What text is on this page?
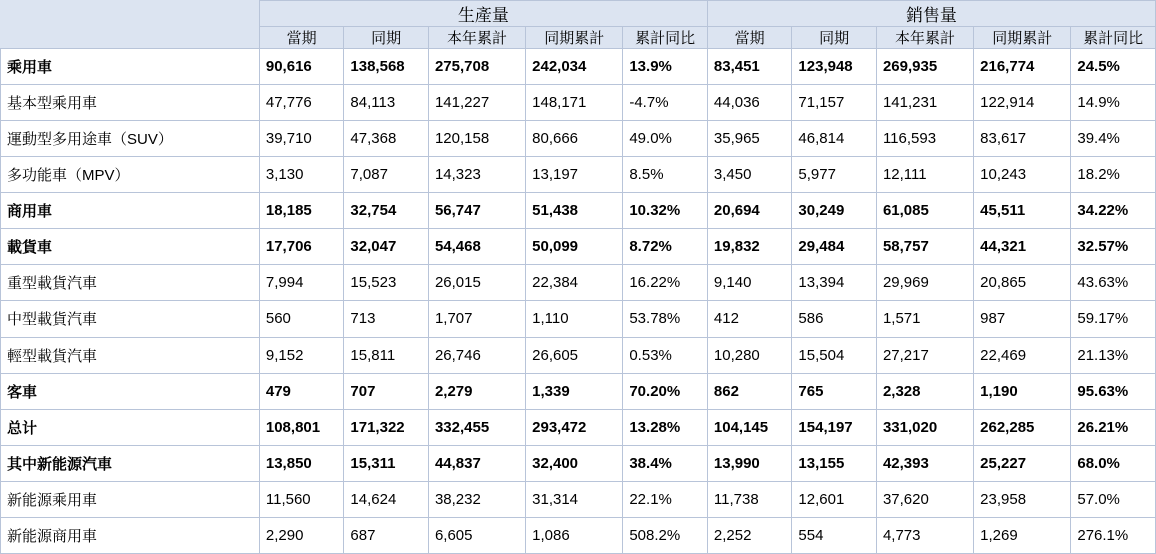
	生產量					銷售量				
	當期	同期	本年累計	同期累計	累計同比	當期	同期	本年累計	同期累計	累計同比
乘用車	90,616	138,568	275,708	242,034	13.9%	83,451	123,948	269,935	216,774	24.5%
基本型乘用車	47,776	84,113	141,227	148,171	-4.7%	44,036	71,157	141,231	122,914	14.9%
運動型多用途車（SUV）	39,710	47,368	120,158	80,666	49.0%	35,965	46,814	116,593	83,617	39.4%
多功能車（MPV）	3,130	7,087	14,323	13,197	8.5%	3,450	5,977	12,111	10,243	18.2%
商用車	18,185	32,754	56,747	51,438	10.32%	20,694	30,249	61,085	45,511	34.22%
載貨車	17,706	32,047	54,468	50,099	8.72%	19,832	29,484	58,757	44,321	32.57%
重型載貨汽車	7,994	15,523	26,015	22,384	16.22%	9,140	13,394	29,969	20,865	43.63%
中型載貨汽車	560	713	1,707	1,110	53.78%	412	586	1,571	987	59.17%
輕型載貨汽車	9,152	15,811	26,746	26,605	0.53%	10,280	15,504	27,217	22,469	21.13%
客車	479	707	2,279	1,339	70.20%	862	765	2,328	1,190	95.63%
总计	108,801	171,322	332,455	293,472	13.28%	104,145	154,197	331,020	262,285	26.21%
其中新能源汽車	13,850	15,311	44,837	32,400	38.4%	13,990	13,155	42,393	25,227	68.0%
新能源乘用車	11,560	14,624	38,232	31,314	22.1%	11,738	12,601	37,620	23,958	57.0%
新能源商用車	2,290	687	6,605	1,086	508.2%	2,252	554	4,773	1,269	276.1%
